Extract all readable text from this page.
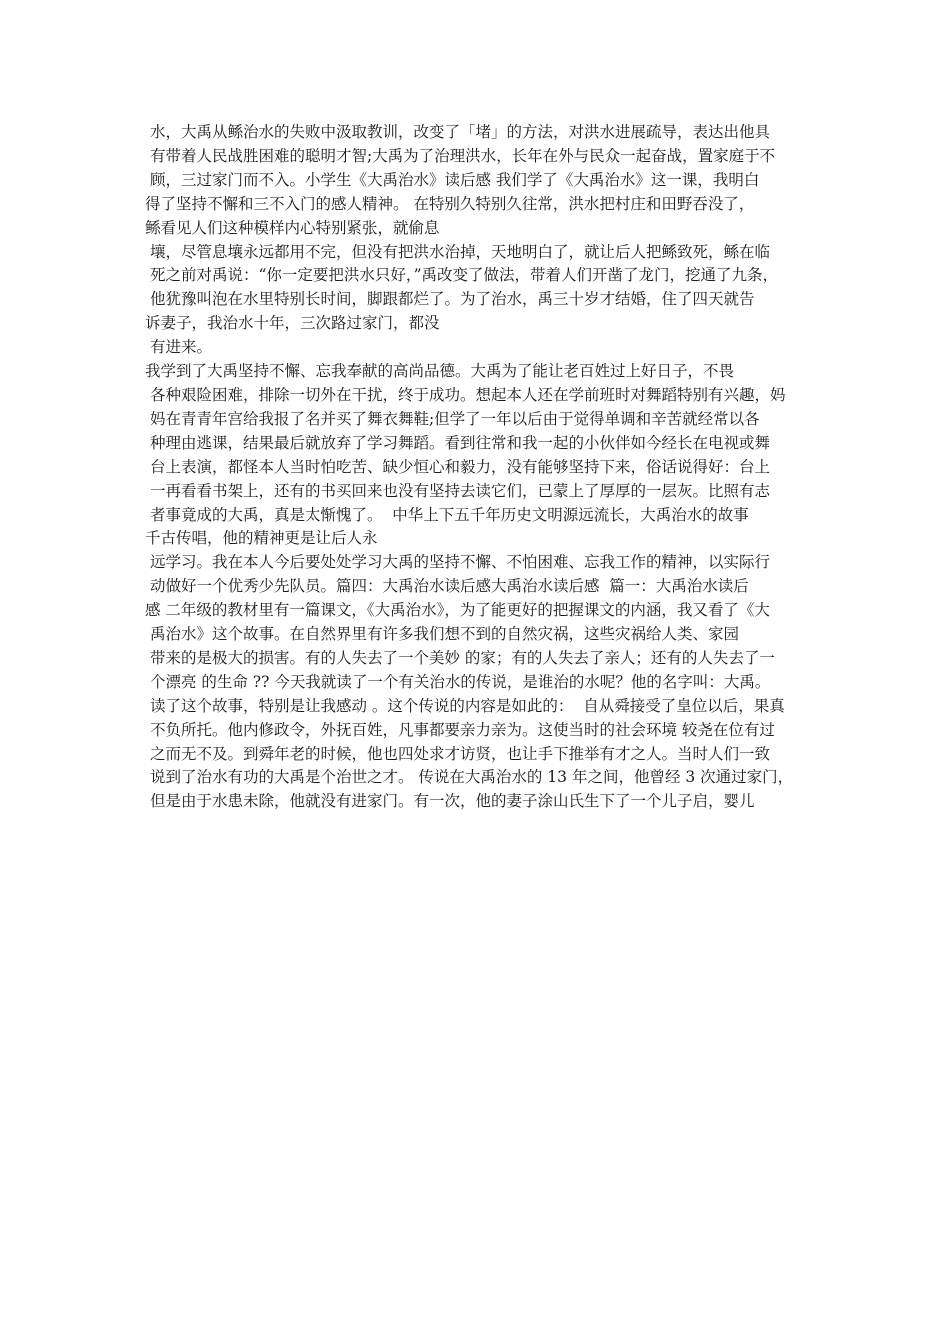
水，大禹从鲧治水的失败中汲取教训，改变了「堵」的方法，对洪水进展疏导，表达出他具
有带着人民战胜困难的聪明才智;大禹为了治理洪水，长年在外与民众一起奋战，置家庭于不
顾，三过家门而不入。小学生《大禹治水》读后感 我们学了《大禹治水》这一课，我明白
得了坚持不懈和三不入门的感人精神。 在特别久特别久往常，洪水把村庄和田野吞没了，
鲧看见人们这种模样内心特别紧张，就偷息
壤，尽管息壤永远都用不完，但没有把洪水治掉，天地明白了，就让后人把鲧致死，鲧在临
死之前对禹说：“你一定要把洪水只好，”禹改变了做法，带着人们开凿了龙门，挖通了九条，
他犹豫叫泡在水里特别长时间，脚跟都烂了。为了治水，禹三十岁才结婚，住了四天就告
诉妻子，我治水十年，三次路过家门，都没
有进来。
我学到了大禹坚持不懈、忘我奉献的高尚品德。大禹为了能让老百姓过上好日子，不畏
各种艰险困难，排除一切外在干扰，终于成功。想起本人还在学前班时对舞蹈特别有兴趣，妈
妈在青青年宫给我报了名并买了舞衣舞鞋;但学了一年以后由于觉得单调和辛苦就经常以各
种理由逃课，结果最后就放弃了学习舞蹈。看到往常和我一起的小伙伴如今经长在电视或舞
台上表演，都怪本人当时怕吃苦、缺少恒心和毅力，没有能够坚持下来，俗话说得好：台上
一再看看书架上，还有的书买回来也没有坚持去读它们，已蒙上了厚厚的一层灰。比照有志
者事竟成的大禹，真是太惭愧了。  中华上下五千年历史文明源远流长，大禹治水的故事
千古传唱，他的精神更是让后人永
远学习。我在本人今后要处处学习大禹的坚持不懈、不怕困难、忘我工作的精神，以实际行
动做好一个优秀少先队员。篇四：大禹治水读后感大禹治水读后感  篇一：大禹治水读后
感 二年级的教材里有一篇课文，《大禹治水》，为了能更好的把握课文的内涵，我又看了《大
禹治水》这个故事。在自然界里有许多我们想不到的自然灾祸，这些灾祸给人类、家园
带来的是极大的损害。有的人失去了一个美妙 的家；有的人失去了亲人；还有的人失去了一
个漂亮 的生命 ?? 今天我就读了一个有关治水的传说，是谁治的水呢？他的名字叫：大禹。
读了这个故事，特别是让我感动 。这个传说的内容是如此的：  自从舜接受了皇位以后，果真
不负所托。他内修政令，外抚百姓，凡事都要亲力亲为。这使当时的社会环境 较尧在位有过
之而无不及。到舜年老的时候，他也四处求才访贤，也让手下推举有才之人。当时人们一致
说到了治水有功的大禹是个治世之才。 传说在大禹治水的 13 年之间，他曾经 3 次通过家门，
但是由于水患未除，他就没有进家门。有一次，他的妻子涂山氏生下了一个儿子启，婴儿
